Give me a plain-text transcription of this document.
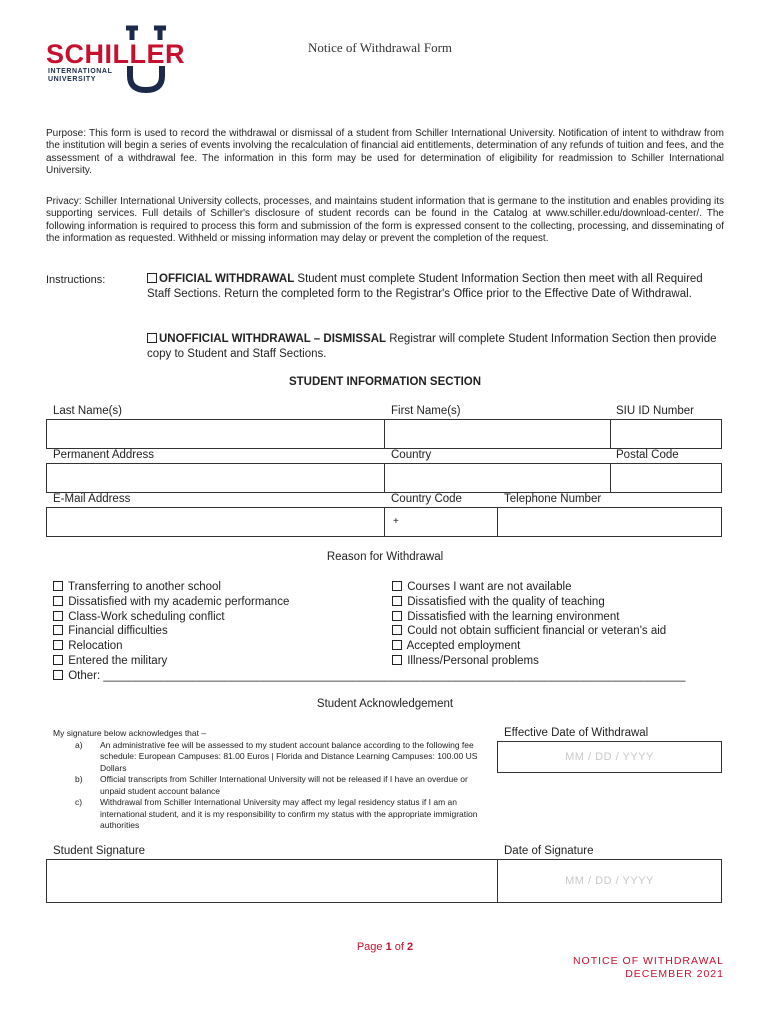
SCHILLER
INTERNATIONAL
UNIVERSITY
Notice of Withdrawal Form
Purpose: This form is used to record the withdrawal or dismissal of a student from Schiller International University. Notification of intent to withdraw from the institution will begin a series of events involving the recalculation of financial aid entitlements, determination of any refunds of tuition and fees, and the assessment of a withdrawal fee. The information in this form may be used for determination of eligibility for readmission to Schiller International University.
Privacy: Schiller International University collects, processes, and maintains student information that is germane to the institution and enables providing its supporting services. Full details of Schiller's disclosure of student records can be found in the Catalog at www.schiller.edu/download-center/. The following information is required to process this form and submission of the form is expressed consent to the collecting, processing, and disseminating of the information as requested. Withheld or missing information may delay or prevent the completion of the request.
Instructions:	OFFICIAL WITHDRAWAL Student must complete Student Information Section then meet with all Required Staff Sections. Return the completed form to the Registrar's Office prior to the Effective Date of Withdrawal.
UNOFFICIAL WITHDRAWAL – DISMISSAL Registrar will complete Student Information Section then provide copy to Student and Staff Sections.
STUDENT INFORMATION SECTION
Last Name(s)	First Name(s)	SIU ID Number
Permanent Address	Country	Postal Code
E-Mail Address	Country Code	Telephone Number
+
Reason for Withdrawal
Transferring to another school
Dissatisfied with my academic performance
Class-Work scheduling conflict
Financial difficulties
Relocation
Entered the military
Other: ___________________________________________________________________________________________
Courses I want are not available
Dissatisfied with the quality of teaching
Dissatisfied with the learning environment
Could not obtain sufficient financial or veteran's aid
Accepted employment
Illness/Personal problems
Student Acknowledgement
My signature below acknowledges that –
a) An administrative fee will be assessed to my student account balance according to the following fee schedule: European Campuses: 81.00 Euros | Florida and Distance Learning Campuses: 100.00 US Dollars
b) Official transcripts from Schiller International University will not be released if I have an overdue or unpaid student account balance
c) Withdrawal from Schiller International University may affect my legal residency status if I am an international student, and it is my responsibility to confirm my status with the appropriate immigration authorities
Effective Date of Withdrawal
MM / DD / YYYY
Student Signature	Date of Signature
MM / DD / YYYY
Page 1 of 2
NOTICE OF WITHDRAWAL
DECEMBER 2021
